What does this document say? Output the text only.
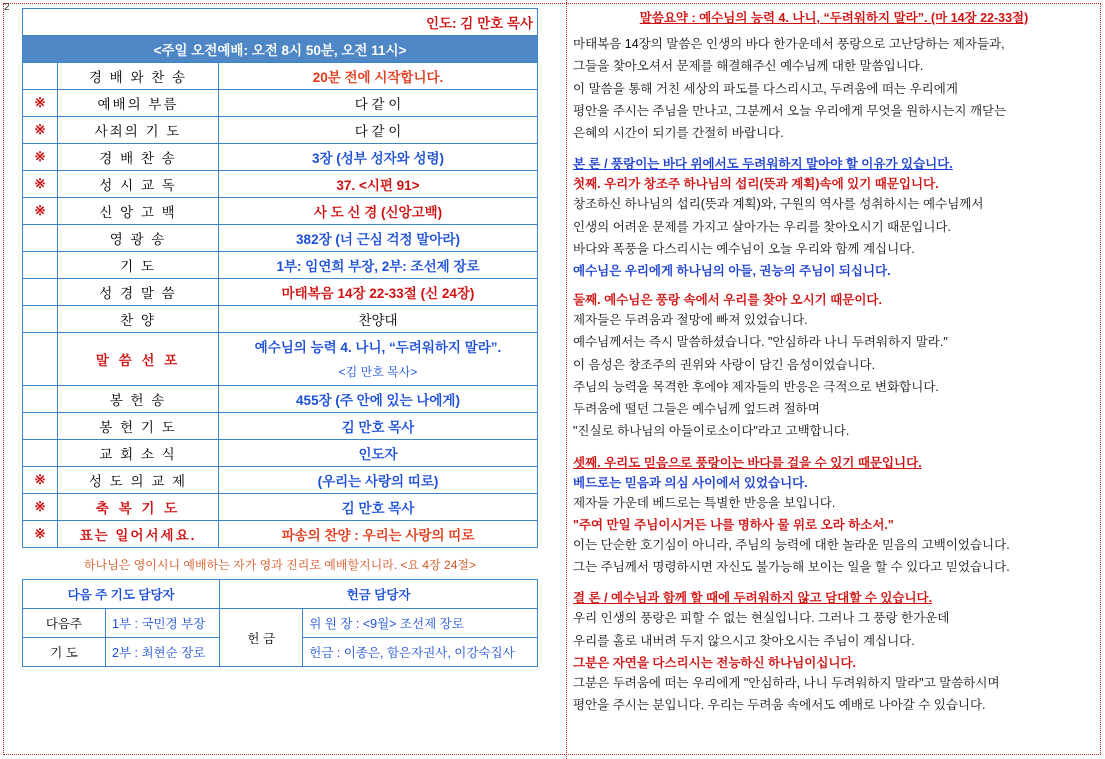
2
인도: 김 만호 목사		
<주일 오전예배: 오전 8시 50분, 오전 11시>		
	경 배 와 찬 송	20분 전에 시작합니다.
※	예배의 부름	다 같 이
※	사죄의 기 도	다 같 이
※	경 배 찬 송	3장 (성부 성자와 성령)
※	성 시 교 독	37. <시편 91>
※	신 앙 고 백	사 도 신 경 (신앙고백)
	영 광 송	382장 (너 근심 걱정 말아라)
	기 도	1부: 임연희 부장, 2부: 조선제 장로
	성 경 말 씀	마태복음 14장 22-33절 (신 24장)
	찬 양	찬양대
	말 씀 선 포	예수님의 능력 4. 나니, “두려워하지 말라”.
<김 만호 목사>

	봉 헌 송	455장 (주 안에 있는 나에게)
	봉 헌 기 도	김 만호 목사
	교 회 소 식	인도자
※	성 도 의 교 제	(우리는 사랑의 띠로)
※	축 복 기 도	김 만호 목사
※	표는 일어서세요.	파송의 찬양 : 우리는 사랑의 띠로
하나님은 영이시니 예배하는 자가 영과 진리로 예배할지니라. <요 4장 24절>
다음 주 기도 담당자		헌금 담당자	
다음주	1부 : 국민경 부장	헌 금	위 원 장 : <9월> 조선제 장로
기 도	2부 : 최현순 장로		헌금 : 이종은, 함은자권사, 이강숙집사
말씀요약 : 예수님의 능력 4. 나니, “두려워하지 말라”. (마 14장 22-33절)
마태복음 14장의 말씀은 인생의 바다 한가운데서 풍랑으로 고난당하는 제자들과,
그들을 찾아오셔서 문제를 해결해주신 예수님께 대한 말씀입니다.
이 말씀을 통해 거친 세상의 파도를 다스리시고, 두려움에 떠는 우리에게
평안을 주시는 주님을 만나고, 그분께서 오늘 우리에게 무엇을 원하시는지 깨닫는
은혜의 시간이 되기를 간절히 바랍니다.
본 론 / 풍랑이는 바다 위에서도 두려워하지 말아야 할 이유가 있습니다.
첫째. 우리가 창조주 하나님의 섭리(뜻과 계획)속에 있기 때문입니다.
창조하신 하나님의 섭리(뜻과 계획)와, 구원의 역사를 성취하시는 예수님께서
인생의 어려운 문제를 가지고 살아가는 우리를 찾아오시기 때문입니다.
바다와 폭풍을 다스리시는 예수님이 오늘 우리와 함께 계십니다.
예수님은 우리에게 하나님의 아들, 권능의 주님이 되십니다.
둘째. 예수님은 풍랑 속에서 우리를 찾아 오시기 때문이다.
제자들은 두려움과 절망에 빠져 있었습니다.
예수님께서는 즉시 말씀하셨습니다. "안심하라 나니 두려워하지 말라."
이 음성은 창조주의 권위와 사랑이 담긴 음성이었습니다.
주님의 능력을 목격한 후에야 제자들의 반응은 극적으로 변화합니다.
두려움에 떨던 그들은 예수님께 엎드려 절하며
"진실로 하나님의 아들이로소이다"라고 고백합니다.
셋째. 우리도 믿음으로 풍랑이는 바다를 걸을 수 있기 때문입니다.
베드로는 믿음과 의심 사이에서 있었습니다.
제자들 가운데 베드로는 특별한 반응을 보입니다.
"주여 만일 주님이시거든 나를 명하사 물 위로 오라 하소서."
이는 단순한 호기심이 아니라, 주님의 능력에 대한 놀라운 믿음의 고백이었습니다.
그는 주님께서 명령하시면 자신도 불가능해 보이는 일을 할 수 있다고 믿었습니다.
결 론 / 예수님과 함께 할 때에 두려워하지 않고 담대할 수 있습니다.
우리 인생의 풍랑은 피할 수 없는 현실입니다. 그러나 그 풍랑 한가운데
우리를 홀로 내버려 두지 않으시고 찾아오시는 주님이 계십니다.
그분은 자연을 다스리시는 전능하신 하나님이십니다.
그분은 두려움에 떠는 우리에게 "안심하라, 나니 두려워하지 말라"고 말씀하시며
평안을 주시는 분입니다. 우리는 두려움 속에서도 예배로 나아갈 수 있습니다.
